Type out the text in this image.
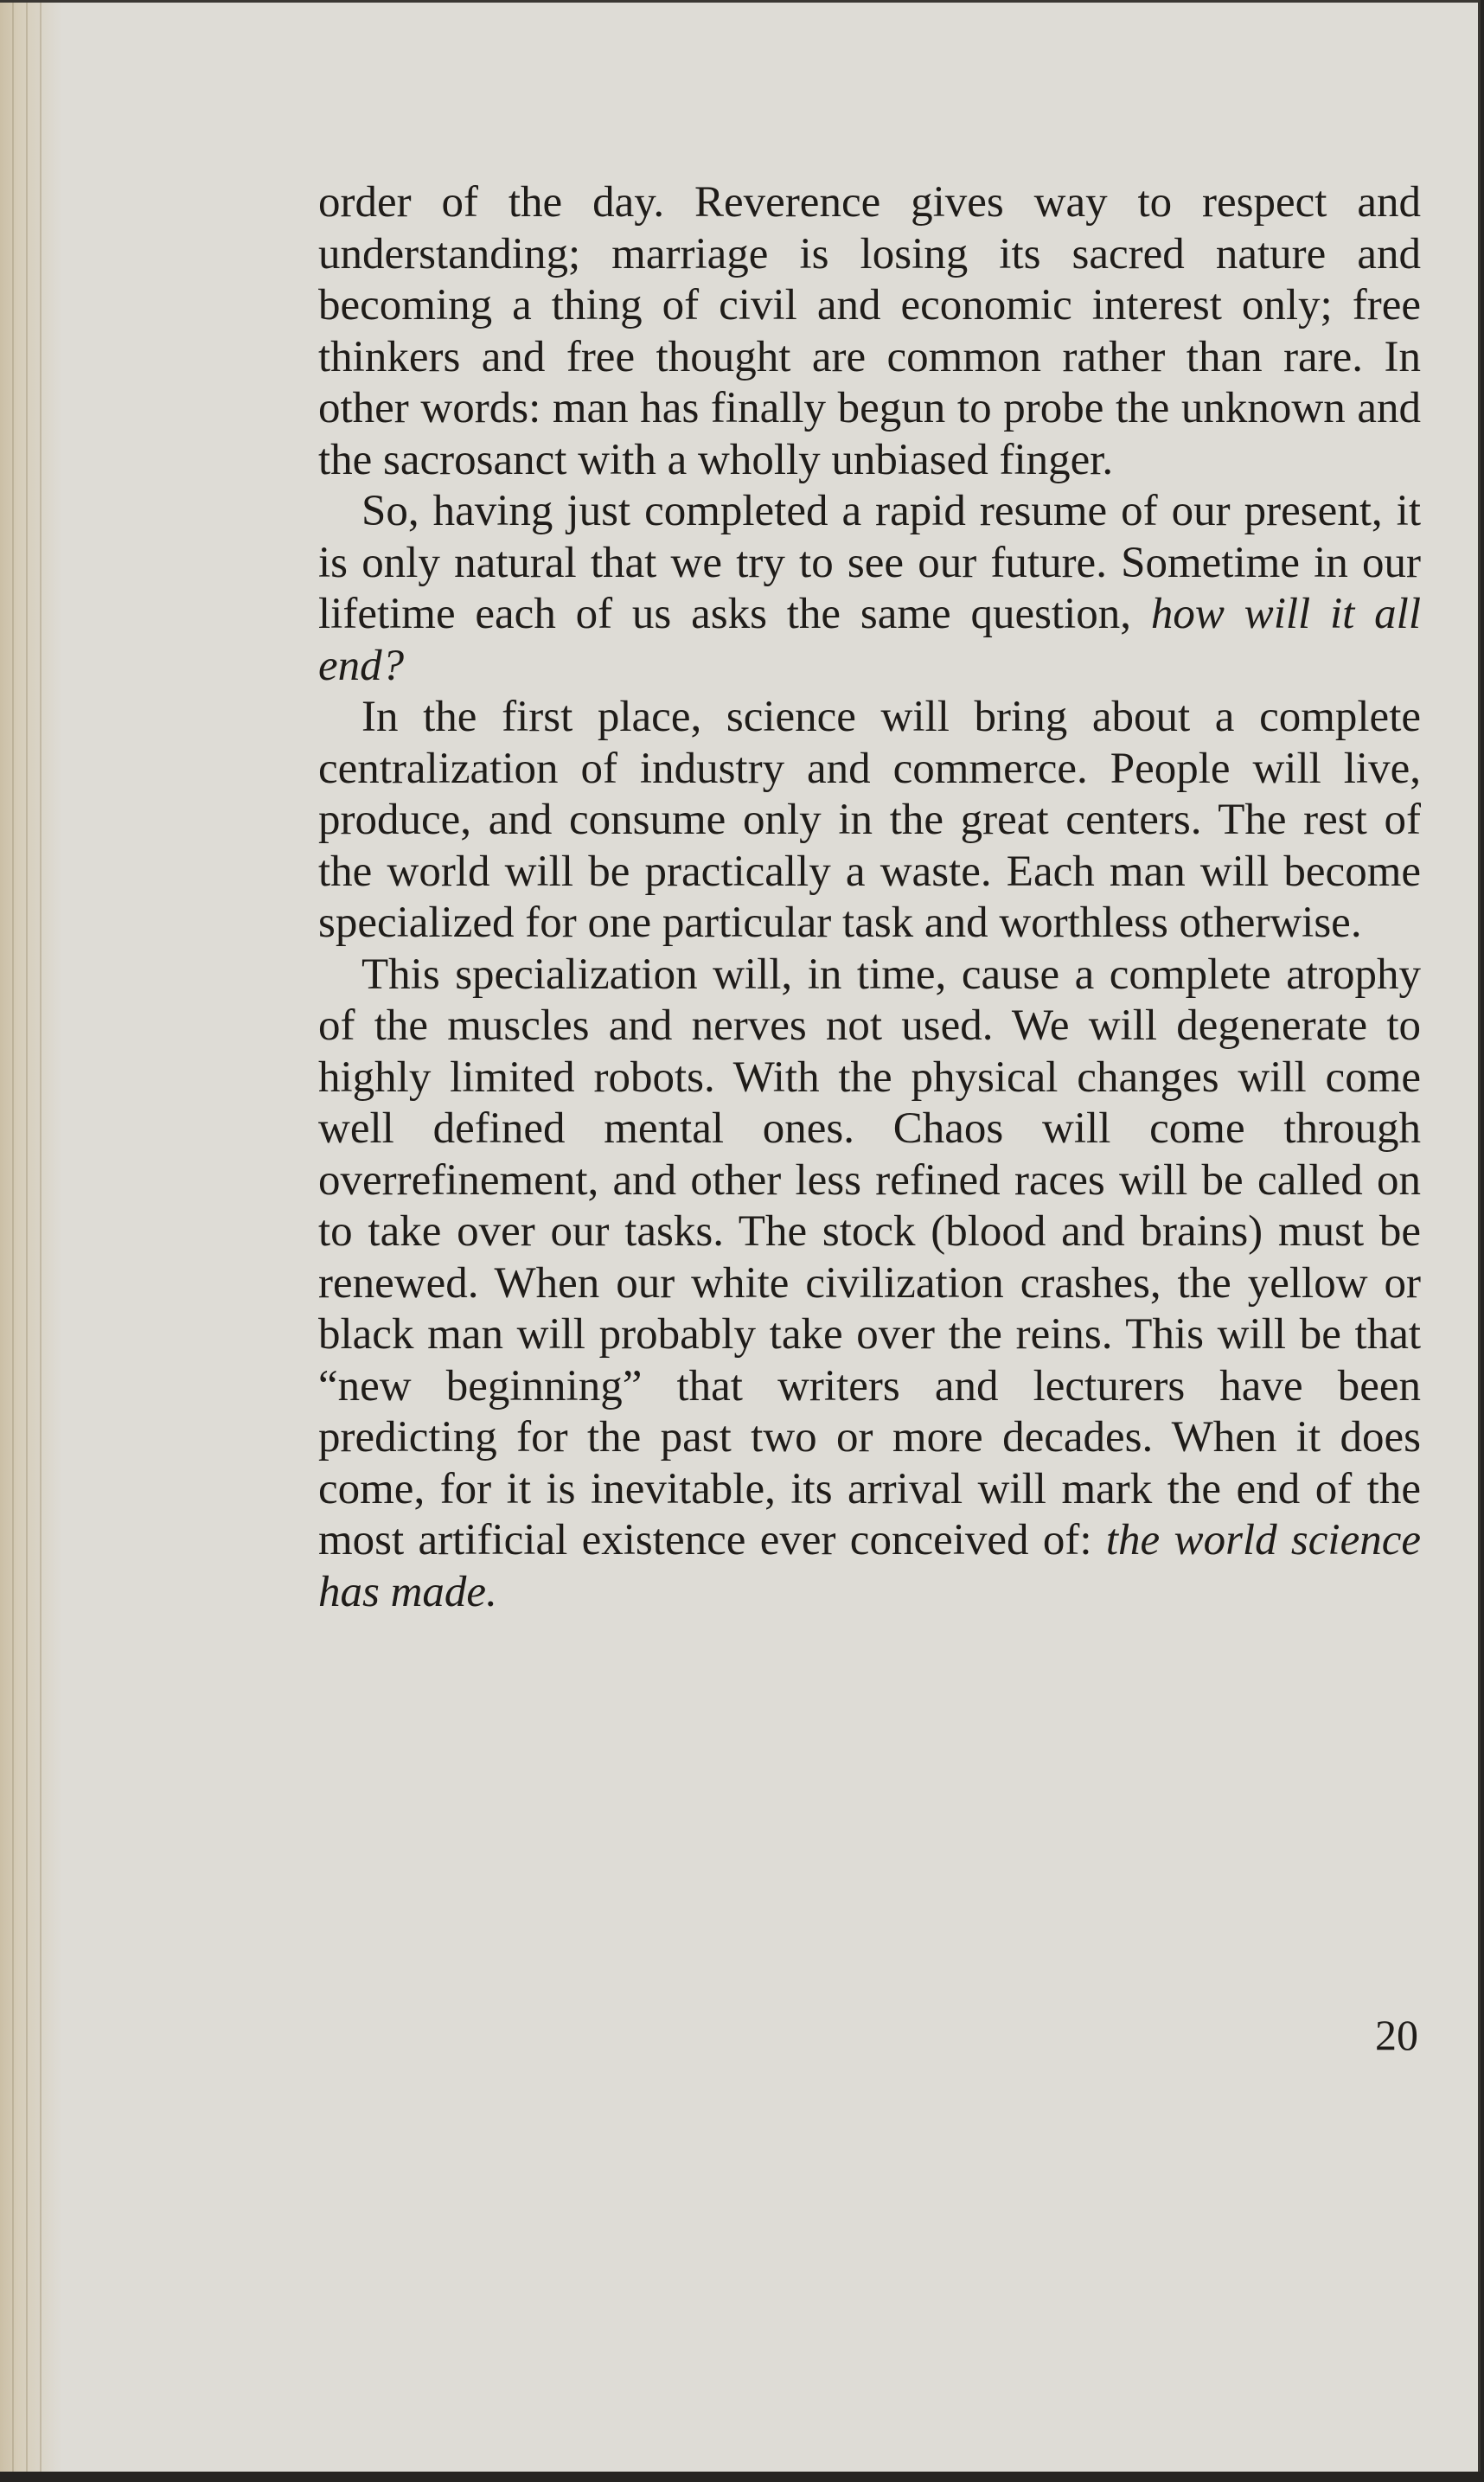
order of the day. Reverence gives way to respect and understanding; marriage is losing its sacred nature and becoming a thing of civil and economic interest only; free thinkers and free thought are common rather than rare. In other words: man has finally begun to probe the unknown and the sacrosanct with a wholly unbiased finger.

So, having just completed a rapid resume of our present, it is only natural that we try to see our future. Sometime in our lifetime each of us asks the same question, how will it all end?

In the first place, science will bring about a complete centralization of industry and commerce. People will live, produce, and consume only in the great centers. The rest of the world will be practically a waste. Each man will become specialized for one particular task and worthless otherwise.

This specialization will, in time, cause a complete atrophy of the muscles and nerves not used. We will degenerate to highly limited robots. With the physical changes will come well defined mental ones. Chaos will come through overrefinement, and other less refined races will be called on to take over our tasks. The stock (blood and brains) must be renewed. When our white civilization crashes, the yellow or black man will probably take over the reins. This will be that “new beginning” that writers and lecturers have been predicting for the past two or more decades. When it does come, for it is inevitable, its arrival will mark the end of the most artificial existence ever conceived of: the world science has made.

20
